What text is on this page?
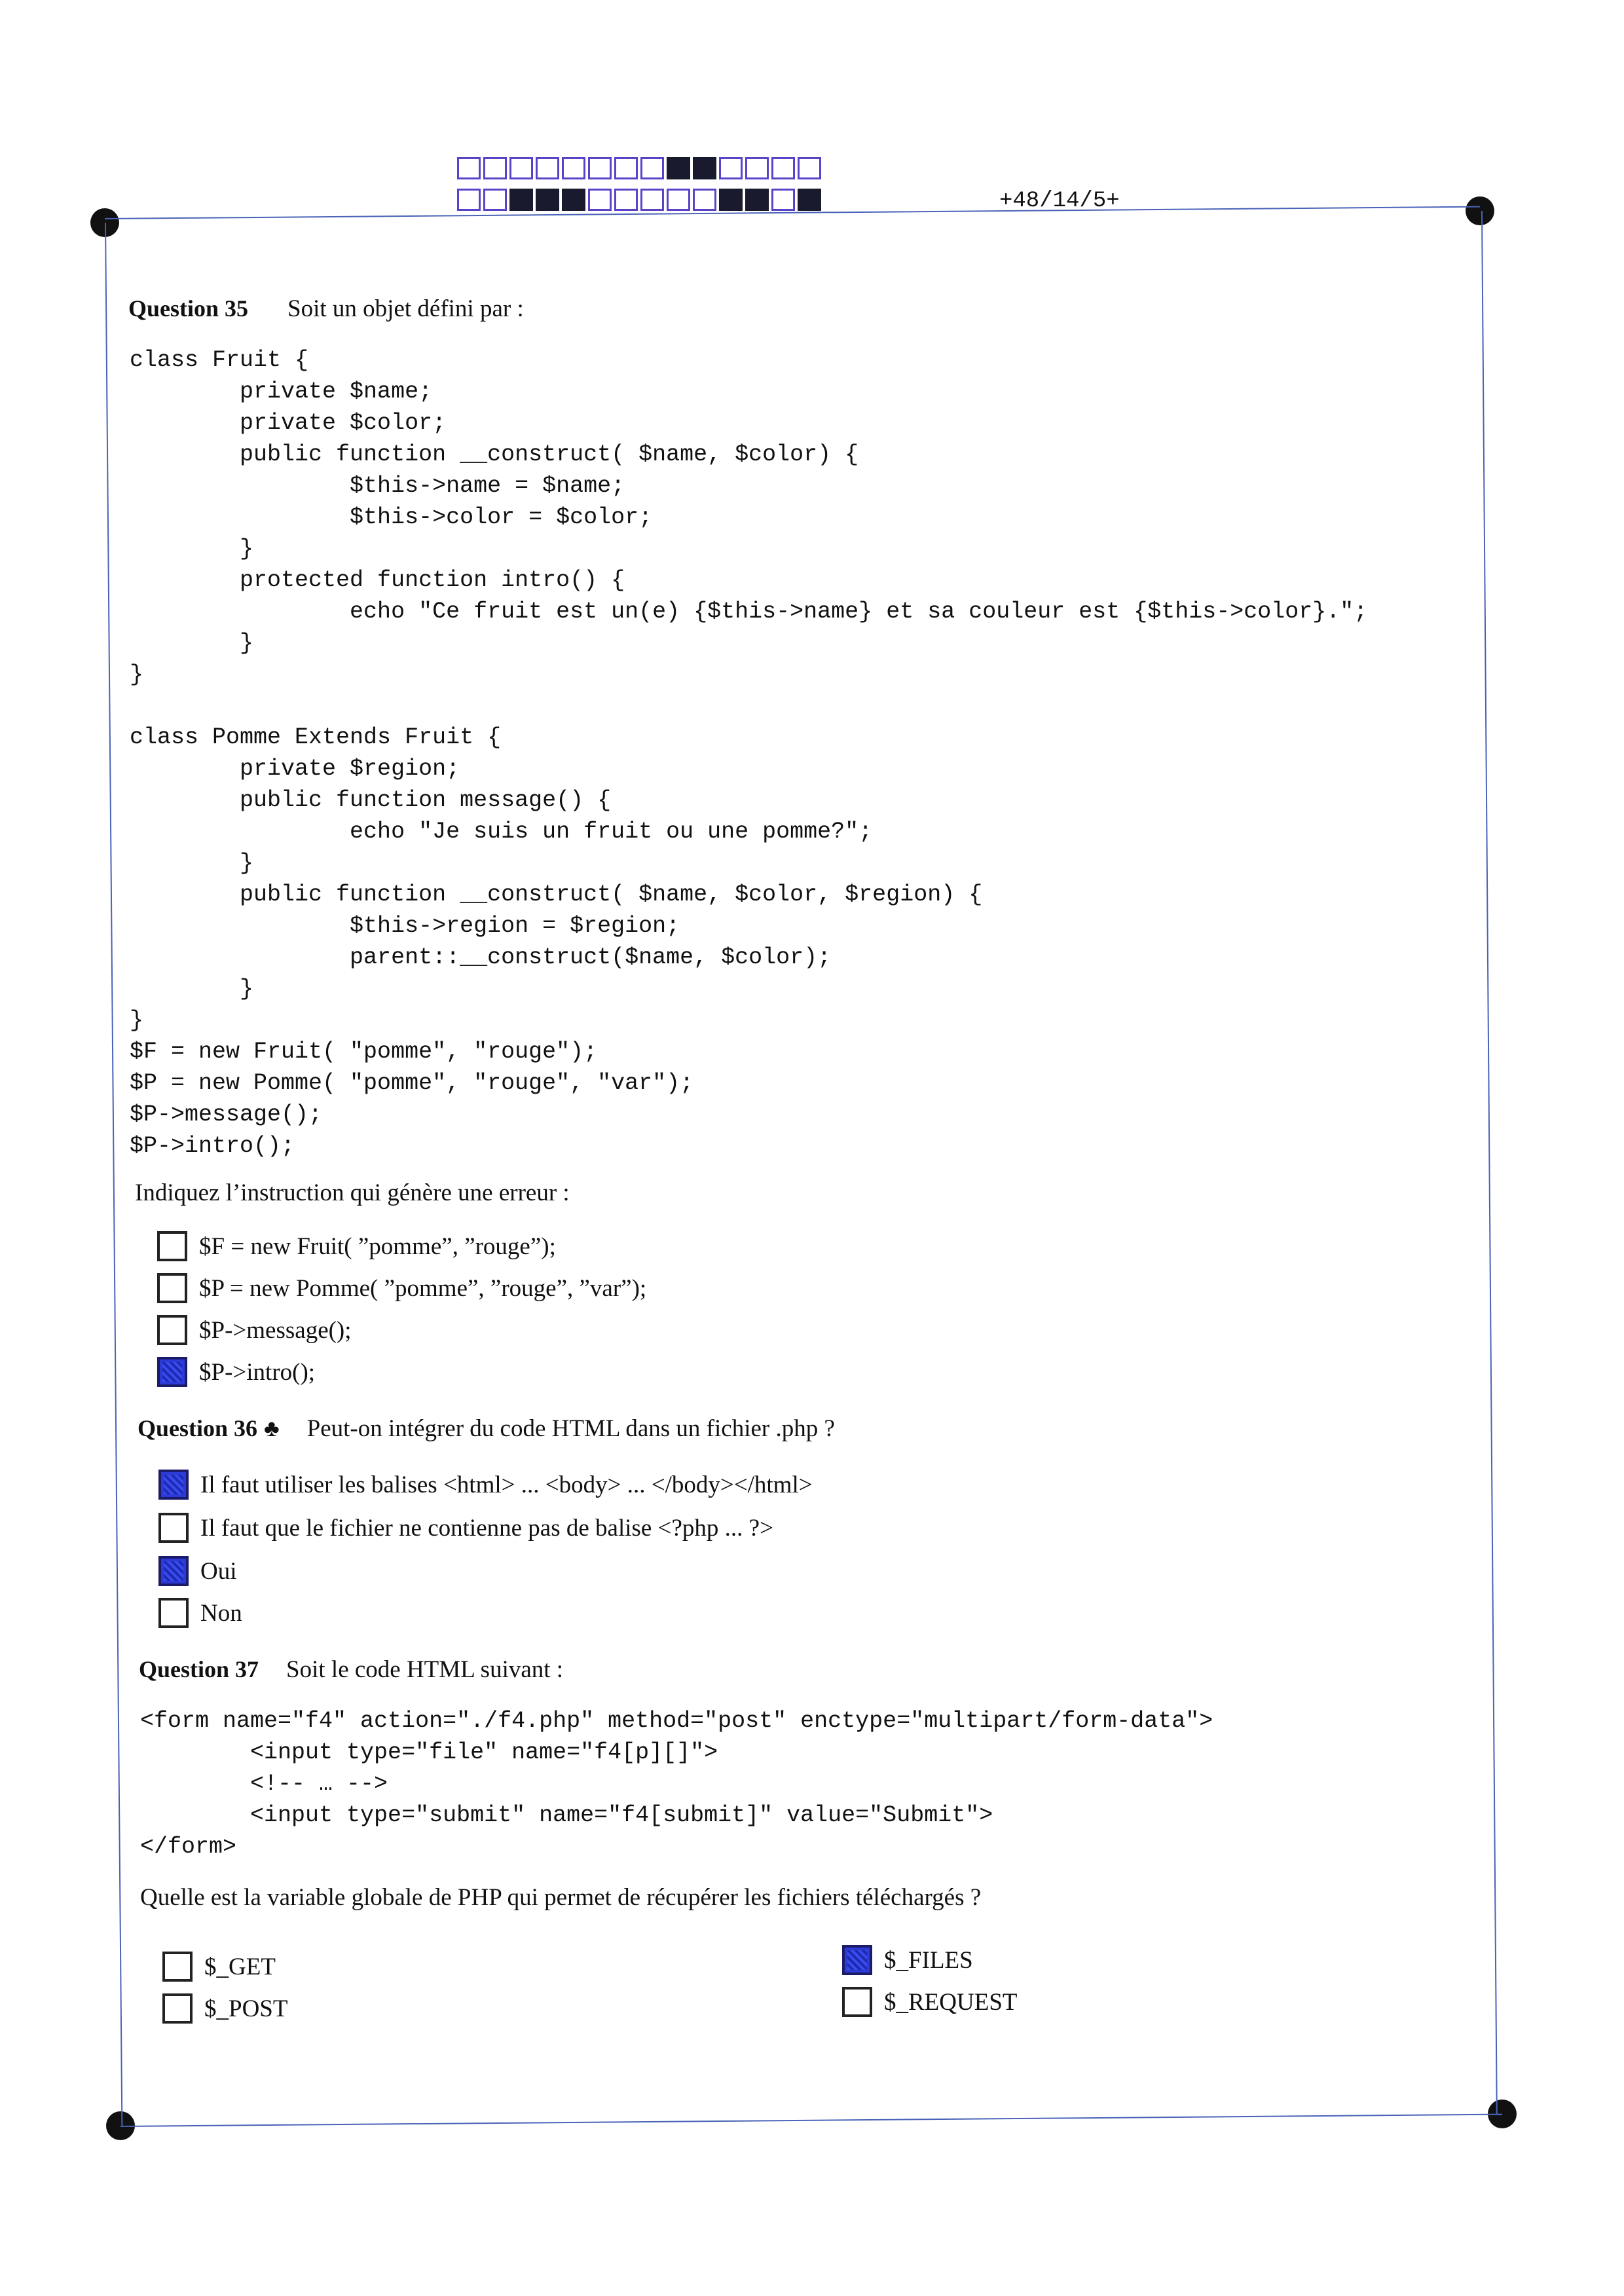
+48/14/5+
Question 35 Soit un objet défini par :
class Fruit {
private $name;
private $color;
public function __construct( $name, $color) {
$this->name = $name;
$this->color = $color;
}
protected function intro() {
echo "Ce fruit est un(e) {$this->name} et sa couleur est {$this->color}.";
}
}

class Pomme Extends Fruit {
private $region;
public function message() {
echo "Je suis un fruit ou une pomme?";
}
public function __construct( $name, $color, $region) {
$this->region = $region;
parent::__construct($name, $color);
}
}
$F = new Fruit( "pomme", "rouge");
$P = new Pomme( "pomme", "rouge", "var");
$P->message();
$P->intro();
Indiquez l’instruction qui génère une erreur :
$F = new Fruit( ”pomme”, ”rouge”);
$P = new Pomme( ”pomme”, ”rouge”, ”var”);
$P->message();
$P->intro();
Question 36 ♣ Peut-on intégrer du code HTML dans un fichier .php ?
Il faut utiliser les balises <html> ... <body> ... </body></html>
Il faut que le fichier ne contienne pas de balise <?php ... ?>
Oui
Non
Question 37 Soit le code HTML suivant :
<form name="f4" action="./f4.php" method="post" enctype="multipart/form-data">
<input type="file" name="f4[p][]">
<!-- … -->
<input type="submit" name="f4[submit]" value="Submit">
</form>
Quelle est la variable globale de PHP qui permet de récupérer les fichiers téléchargés ?
$_GET
$_POST
$_FILES
$_REQUEST
